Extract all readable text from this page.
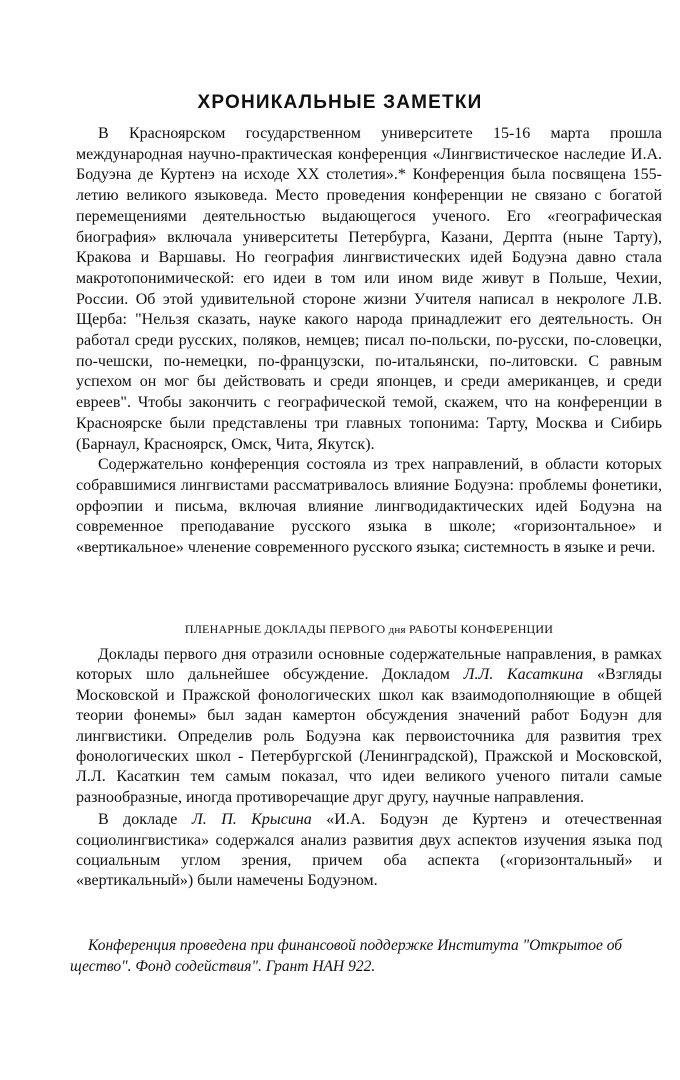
ХРОНИКАЛЬНЫЕ ЗАМЕТКИ

В Красноярском государственном университете 15-16 марта прошла международная научно-практическая конференция «Лингвистическое наследие И.А. Бодуэна де Куртенэ на исходе XX столетия».* Конференция была посвящена 155-летию великого языковеда. Место проведения конференции не связано с богатой перемещениями деятельностью выдающегося ученого. Его «географическая биография» включала университеты Петербурга, Казани, Дерпта (ныне Тарту), Кракова и Варшавы. Но география лингвистических идей Бодуэна давно стала макротопонимической: его идеи в том или ином виде живут в Польше, Чехии, России. Об этой удивительной стороне жизни Учителя написал в некрологе Л.В. Щерба: "Нельзя сказать, науке какого народа принадлежит его деятельность. Он работал среди русских, поляков, немцев; писал по-польски, по-русски, по-словецки, по-чешски, по-немецки, по-французски, по-итальянски, по-литовски. С равным успехом он мог бы действовать и среди японцев, и среди американцев, и среди евреев". Чтобы закончить с географической темой, скажем, что на конференции в Красноярске были представлены три главных топонима: Тарту, Москва и Сибирь (Барнаул, Красноярск, Омск, Чита, Якутск).

Содержательно конференция состояла из трех направлений, в области которых собравшимися лингвистами рассматривалось влияние Бодуэна: проблемы фонетики, орфоэпии и письма, включая влияние лингводидактических идей Бодуэна на современное преподавание русского языка в школе; «горизонтальное» и «вертикальное» членение современного русского языка; системность в языке и речи.

ПЛЕНАРНЫЕ ДОКЛАДЫ ПЕРВОГО дня РАБОТЫ КОНФЕРЕНЦИИ

Доклады первого дня отразили основные содержательные направления, в рамках которых шло дальнейшее обсуждение. Докладом Л.Л. Касаткина «Взгляды Московской и Пражской фонологических школ как взаимодополняющие в общей теории фонемы» был задан камертон обсуждения значений работ Бодуэн для лингвистики. Определив роль Бодуэна как первоисточника для развития трех фонологических школ - Петербургской (Ленинградской), Пражской и Московской, Л.Л. Касаткин тем самым показал, что идеи великого ученого питали самые разнообразные, иногда противоречащие друг другу, научные направления.

В докладе Л. П. Крысина «И.А. Бодуэн де Куртенэ и отечественная социолингвистика» содержался анализ развития двух аспектов изучения языка под социальным углом зрения, причем оба аспекта («горизонтальный» и «вертикальный») были намечены Бодуэном.

Конференция проведена при финансовой поддержке Института "Открытое об
щество". Фонд содействия". Грант НАН 922.
